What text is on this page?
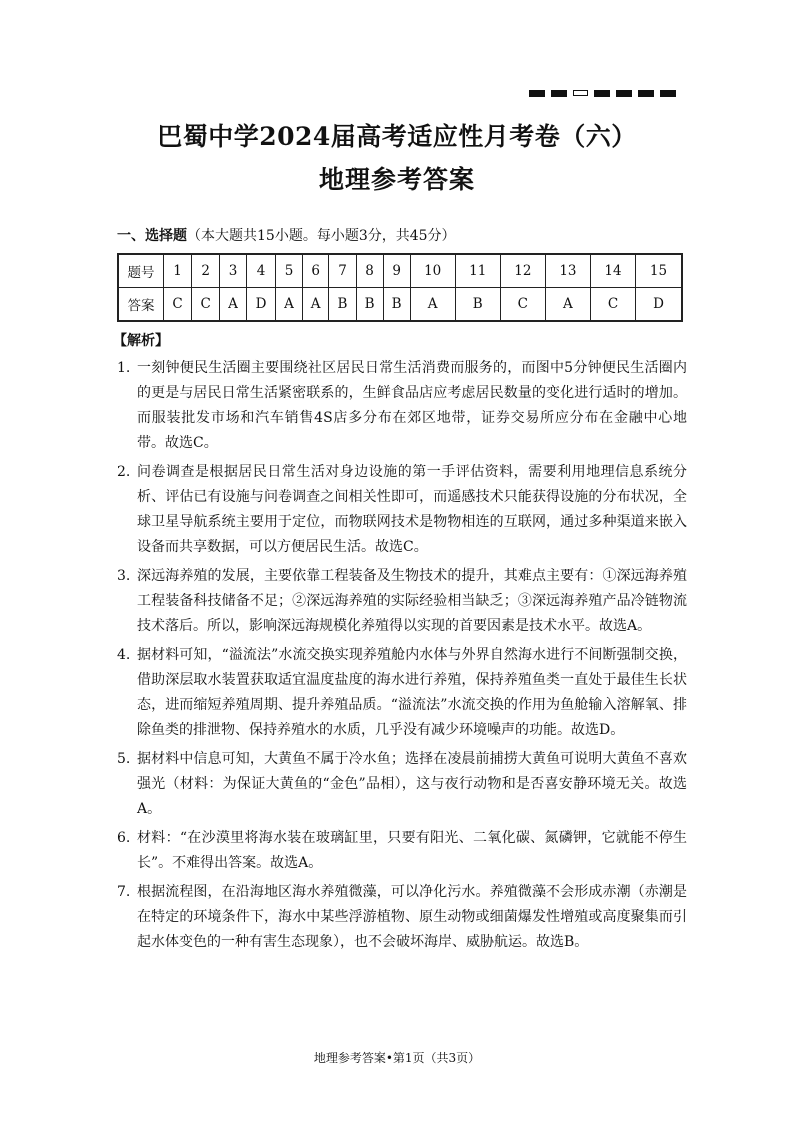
巴蜀中学2024届高考适应性月考卷（六）
地理参考答案
一、选择题（本大题共15小题。每小题3分，共45分）
题号	1	2	3	4	5	6	7	8	9	10	11	12	13	14	15
答案	C	C	A	D	A	A	B	B	B	A	B	C	A	C	D
【解析】
1. 一刻钟便民生活圈主要围绕社区居民日常生活消费而服务的，而图中5分钟便民生活圈内的更是与居民日常生活紧密联系的，生鲜食品店应考虑居民数量的变化进行适时的增加。而服装批发市场和汽车销售4S店多分布在郊区地带，证券交易所应分布在金融中心地带。故选C。
2. 问卷调查是根据居民日常生活对身边设施的第一手评估资料，需要利用地理信息系统分析、评估已有设施与问卷调查之间相关性即可，而遥感技术只能获得设施的分布状况，全球卫星导航系统主要用于定位，而物联网技术是物物相连的互联网，通过多种渠道来嵌入设备而共享数据，可以方便居民生活。故选C。
3. 深远海养殖的发展，主要依靠工程装备及生物技术的提升，其难点主要有：①深远海养殖工程装备科技储备不足；②深远海养殖的实际经验相当缺乏；③深远海养殖产品冷链物流技术落后。所以，影响深远海规模化养殖得以实现的首要因素是技术水平。故选A。
4. 据材料可知，“溢流法”水流交换实现养殖舱内水体与外界自然海水进行不间断强制交换，借助深层取水装置获取适宜温度盐度的海水进行养殖，保持养殖鱼类一直处于最佳生长状态，进而缩短养殖周期、提升养殖品质。“溢流法”水流交换的作用为鱼舱输入溶解氧、排除鱼类的排泄物、保持养殖水的水质，几乎没有减少环境噪声的功能。故选D。
5. 据材料中信息可知，大黄鱼不属于冷水鱼；选择在凌晨前捕捞大黄鱼可说明大黄鱼不喜欢强光（材料：为保证大黄鱼的“金色”品相），这与夜行动物和是否喜安静环境无关。故选A。
6. 材料：“在沙漠里将海水装在玻璃缸里，只要有阳光、二氧化碳、氮磷钾，它就能不停生长”。不难得出答案。故选A。
7. 根据流程图，在沿海地区海水养殖微藻，可以净化污水。养殖微藻不会形成赤潮（赤潮是在特定的环境条件下，海水中某些浮游植物、原生动物或细菌爆发性增殖或高度聚集而引起水体变色的一种有害生态现象），也不会破坏海岸、威胁航运。故选B。
地理参考答案•第1页（共3页）
